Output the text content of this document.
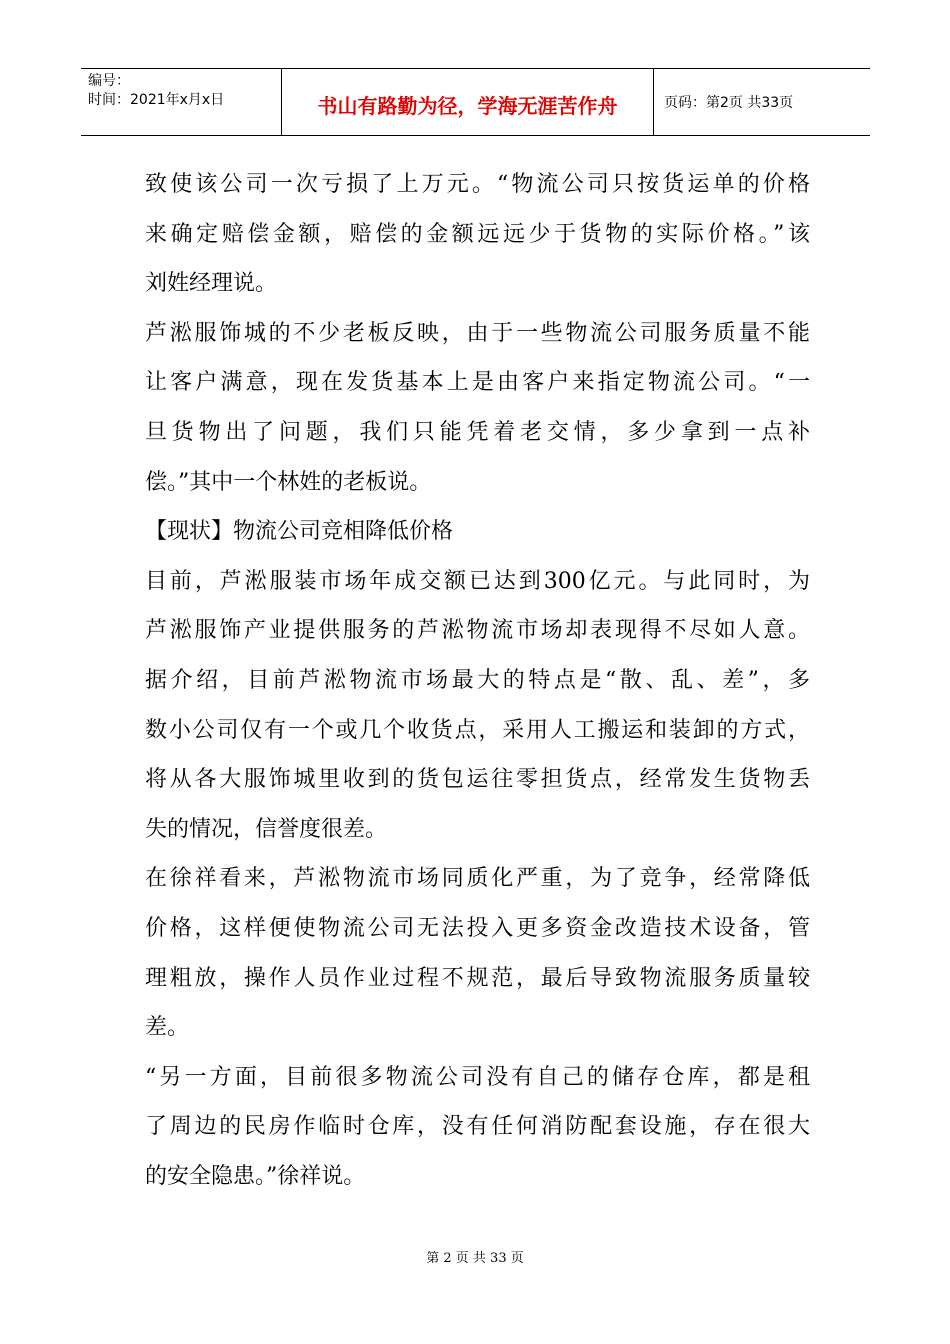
编号：
时间：2021年x月x日	书山有路勤为径，学海无涯苦作舟	页码：第2页 共33页

致使该公司一次亏损了上万元。“物流公司只按货运单的价格

来确定赔偿金额，赔偿的金额远远少于货物的实际价格。”该

刘姓经理说。

芦淞服饰城的不少老板反映，由于一些物流公司服务质量不能

让客户满意，现在发货基本上是由客户来指定物流公司。“一

旦货物出了问题，我们只能凭着老交情，多少拿到一点补

偿。”其中一个林姓的老板说。

【现状】物流公司竞相降低价格

目前，芦淞服装市场年成交额已达到300亿元。与此同时，为

芦淞服饰产业提供服务的芦淞物流市场却表现得不尽如人意。

据介绍，目前芦淞物流市场最大的特点是“散、乱、差”，多

数小公司仅有一个或几个收货点，采用人工搬运和装卸的方式，

将从各大服饰城里收到的货包运往零担货点，经常发生货物丢

失的情况，信誉度很差。

在徐祥看来，芦淞物流市场同质化严重，为了竞争，经常降低

价格，这样便使物流公司无法投入更多资金改造技术设备，管

理粗放，操作人员作业过程不规范，最后导致物流服务质量较

差。

“另一方面，目前很多物流公司没有自己的储存仓库，都是租

了周边的民房作临时仓库，没有任何消防配套设施，存在很大

的安全隐患。”徐祥说。

第 2 页 共 33 页
